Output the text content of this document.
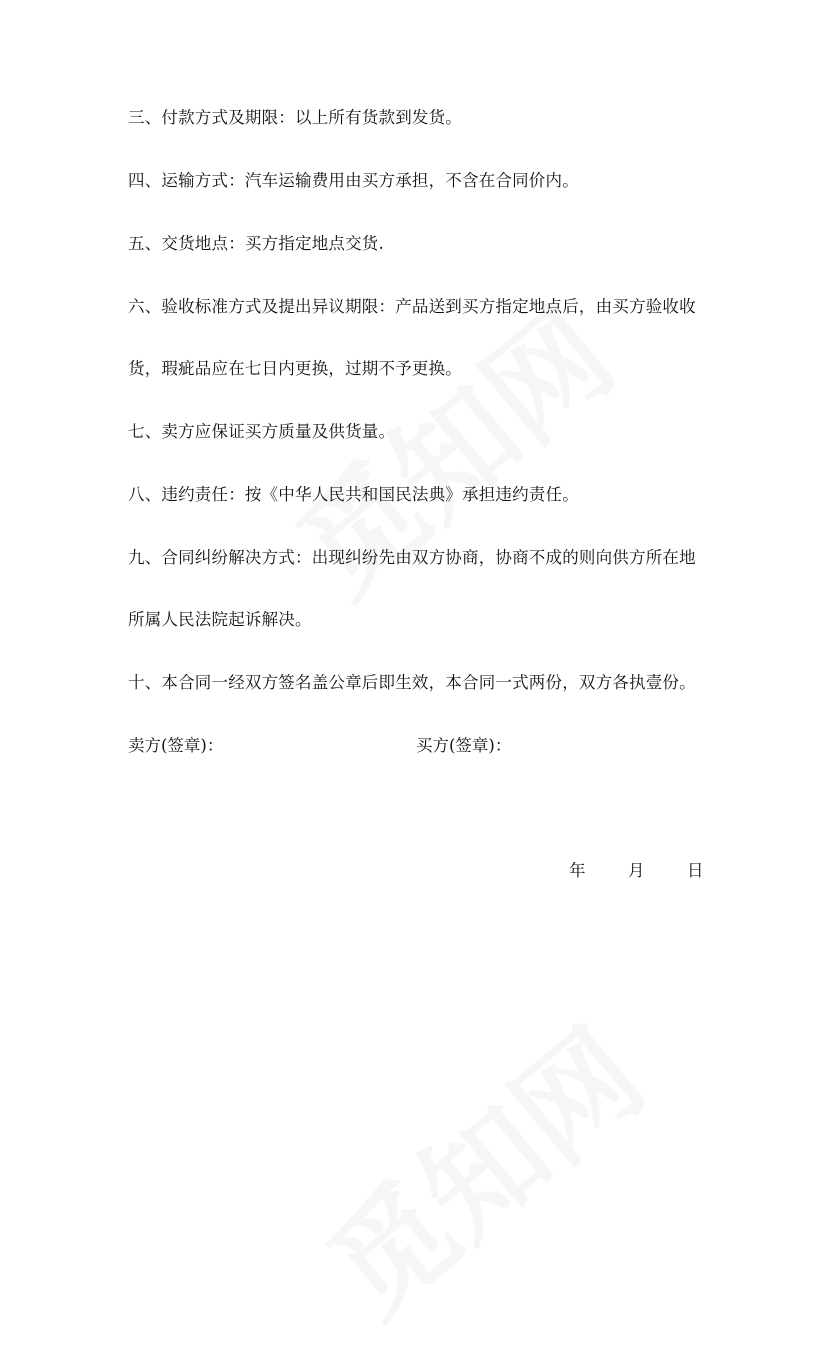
三、付款方式及期限：以上所有货款到发货。
四、运输方式：汽车运输费用由买方承担，不含在合同价内。
五、交货地点：买方指定地点交货.
六、验收标准方式及提出异议期限：产品送到买方指定地点后，由买方验收收
货，瑕疵品应在七日内更换，过期不予更换。
七、卖方应保证买方质量及供货量。
八、违约责任：按《中华人民共和国民法典》承担违约责任。
九、合同纠纷解决方式：出现纠纷先由双方协商，协商不成的则向供方所在地
所属人民法院起诉解决。
十、本合同一经双方签名盖公章后即生效，本合同一式两份，双方各执壹份。
卖方(签章)：	买方(签章)：
年	月	日
